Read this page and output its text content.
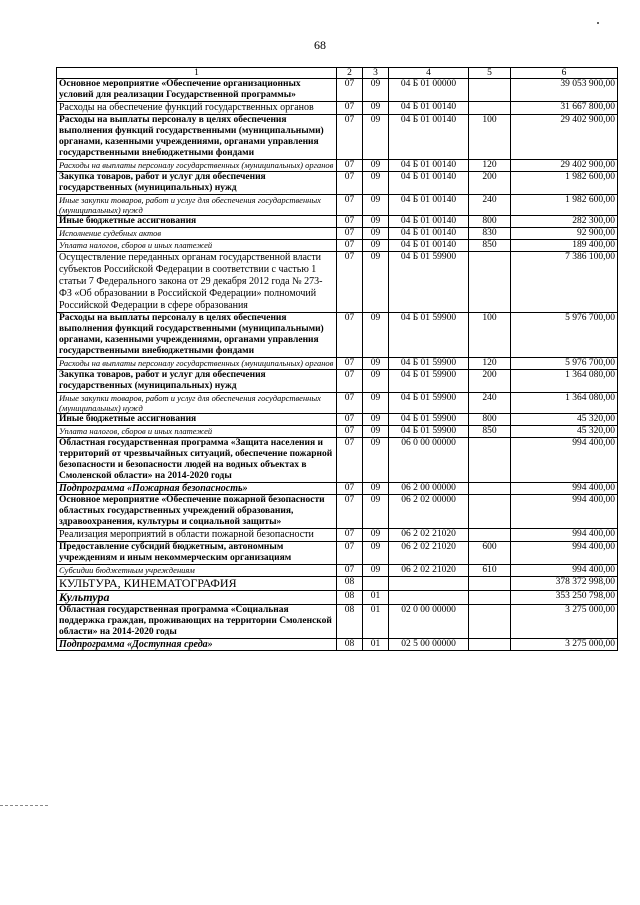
68
1	2	3	4	5	6
Основное мероприятие «Обеспечение организационных условий для реализации Государственной программы»	07	09	04 Б 01 00000		39 053 900,00
Расходы на обеспечение функций государственных органов	07	09	04 Б 01 00140		31 667 800,00
Расходы на выплаты персоналу в целях обеспечения выполнения функций государственными (муниципальными) органами, казенными учреждениями, органами управления государственными внебюджетными фондами	07	09	04 Б 01 00140	100	29 402 900,00
Расходы на выплаты персоналу государственных (муниципальных) органов	07	09	04 Б 01 00140	120	29 402 900,00
Закупка товаров, работ и услуг для обеспечения государственных (муниципальных) нужд	07	09	04 Б 01 00140	200	1 982 600,00
Иные закупки товаров, работ и услуг для обеспечения государственных (муниципальных) нужд	07	09	04 Б 01 00140	240	1 982 600,00
Иные бюджетные ассигнования	07	09	04 Б 01 00140	800	282 300,00
Исполнение судебных актов	07	09	04 Б 01 00140	830	92 900,00
Уплата налогов, сборов и иных платежей	07	09	04 Б 01 00140	850	189 400,00
Осуществление переданных органам государственной власти субъектов Российской Федерации в соответствии с частью 1 статьи 7 Федерального закона от 29 декабря 2012 года № 273-ФЗ «Об образовании в Российской Федерации» полномочий Российской Федерации в сфере образования	07	09	04 Б 01 59900		7 386 100,00
Расходы на выплаты персоналу в целях обеспечения выполнения функций государственными (муниципальными) органами, казенными учреждениями, органами управления государственными внебюджетными фондами	07	09	04 Б 01 59900	100	5 976 700,00
Расходы на выплаты персоналу государственных (муниципальных) органов	07	09	04 Б 01 59900	120	5 976 700,00
Закупка товаров, работ и услуг для обеспечения государственных (муниципальных) нужд	07	09	04 Б 01 59900	200	1 364 080,00
Иные закупки товаров, работ и услуг для обеспечения государственных (муниципальных) нужд	07	09	04 Б 01 59900	240	1 364 080,00
Иные бюджетные ассигнования	07	09	04 Б 01 59900	800	45 320,00
Уплата налогов, сборов и иных платежей	07	09	04 Б 01 59900	850	45 320,00
Областная государственная программа «Защита населения и территорий от чрезвычайных ситуаций, обеспечение пожарной безопасности и безопасности людей на водных объектах в Смоленской области» на 2014-2020 годы	07	09	06 0 00 00000		994 400,00
Подпрограмма «Пожарная безопасность»	07	09	06 2 00 00000		994 400,00
Основное мероприятие «Обеспечение пожарной безопасности областных государственных учреждений образования, здравоохранения, культуры и социальной защиты»	07	09	06 2 02 00000		994 400,00
Реализация мероприятий в области пожарной безопасности	07	09	06 2 02 21020		994 400,00
Предоставление субсидий бюджетным, автономным учреждениям и иным некоммерческим организациям	07	09	06 2 02 21020	600	994 400,00
Субсидии бюджетным учреждениям	07	09	06 2 02 21020	610	994 400,00
КУЛЬТУРА, КИНЕМАТОГРАФИЯ	08				378 372 998,00
Культура	08	01			353 250 798,00
Областная государственная программа «Социальная поддержка граждан, проживающих на территории Смоленской области» на 2014-2020 годы	08	01	02 0 00 00000		3 275 000,00
Подпрограмма «Доступная среда»	08	01	02 5 00 00000		3 275 000,00
